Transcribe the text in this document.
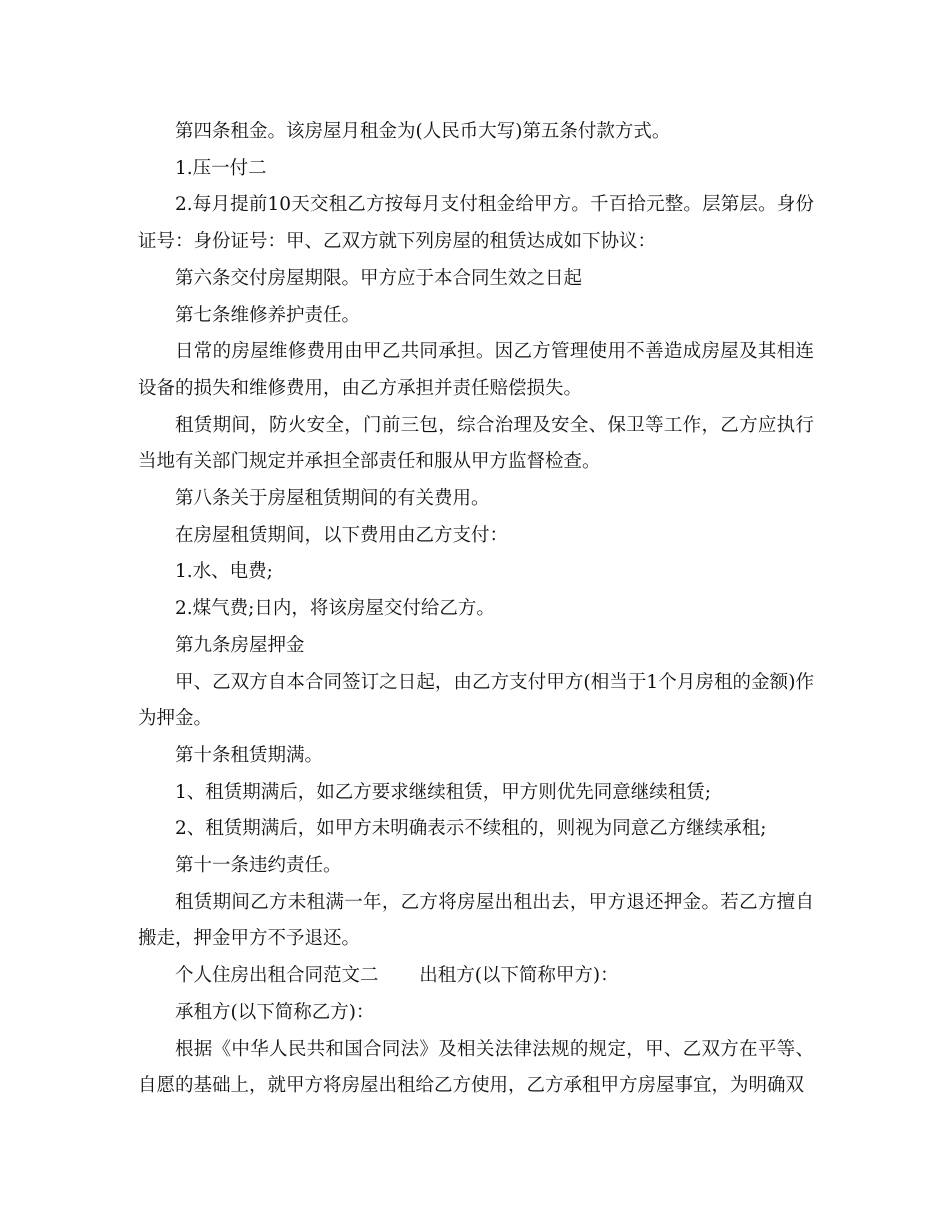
第四条租金。该房屋月租金为(人民币大写)第五条付款方式。

1.压一付二

2.每月提前10天交租乙方按每月支付租金给甲方。千百拾元整。层第层。身份证号：身份证号：甲、乙双方就下列房屋的租赁达成如下协议：

第六条交付房屋期限。甲方应于本合同生效之日起

第七条维修养护责任。

日常的房屋维修费用由甲乙共同承担。因乙方管理使用不善造成房屋及其相连设备的损失和维修费用，由乙方承担并责任赔偿损失。

租赁期间，防火安全，门前三包，综合治理及安全、保卫等工作，乙方应执行当地有关部门规定并承担全部责任和服从甲方监督检查。

第八条关于房屋租赁期间的有关费用。

在房屋租赁期间，以下费用由乙方支付：

1.水、电费;

2.煤气费;日内，将该房屋交付给乙方。

第九条房屋押金

甲、乙双方自本合同签订之日起，由乙方支付甲方(相当于1个月房租的金额)作为押金。

第十条租赁期满。

1、租赁期满后，如乙方要求继续租赁，甲方则优先同意继续租赁;

2、租赁期满后，如甲方未明确表示不续租的，则视为同意乙方继续承租;

第十一条违约责任。

租赁期间乙方未租满一年，乙方将房屋出租出去，甲方退还押金。若乙方擅自搬走，押金甲方不予退还。

个人住房出租合同范文二 出租方(以下简称甲方)：

承租方(以下简称乙方)：

根据《中华人民共和国合同法》及相关法律法规的规定，甲、乙双方在平等、自愿的基础上，就甲方将房屋出租给乙方使用，乙方承租甲方房屋事宜，为明确双
